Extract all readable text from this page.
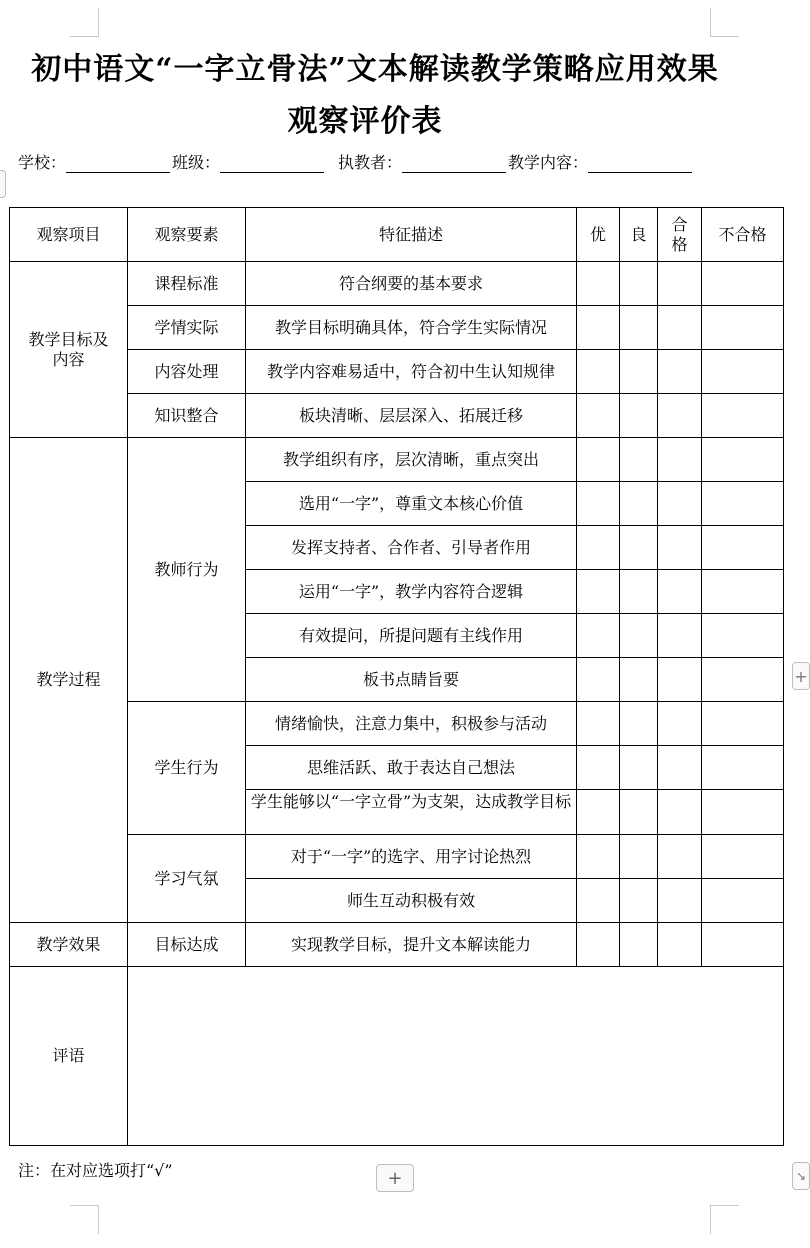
初中语文“一字立骨法”文本解读教学策略应用效果
观察评价表
学校：	班级：	执教者：	教学内容：
观察项目	观察要素	特征描述	优	良	合格	不合格
教学目标及内容	课程标准	符合纲要的基本要求				
	学情实际	教学目标明确具体，符合学生实际情况				
	内容处理	教学内容难易适中，符合初中生认知规律				
	知识整合	板块清晰、层层深入、拓展迁移				
教学过程	教师行为	教学组织有序，层次清晰，重点突出				
		选用“一字”，尊重文本核心价值				
		发挥支持者、合作者、引导者作用				
		运用“一字”，教学内容符合逻辑				
		有效提问，所提问题有主线作用				
		板书点睛旨要				
	学生行为	情绪愉快，注意力集中，积极参与活动				
		思维活跃、敢于表达自己想法				
		学生能够以“一字立骨”为支架，达成教学目标				
	学习气氛	对于“一字”的选字、用字讨论热烈				
		师生互动积极有效				
教学效果	目标达成	实现教学目标，提升文本解读能力				
评语						
注：在对应选项打“√”
+
↘
+
